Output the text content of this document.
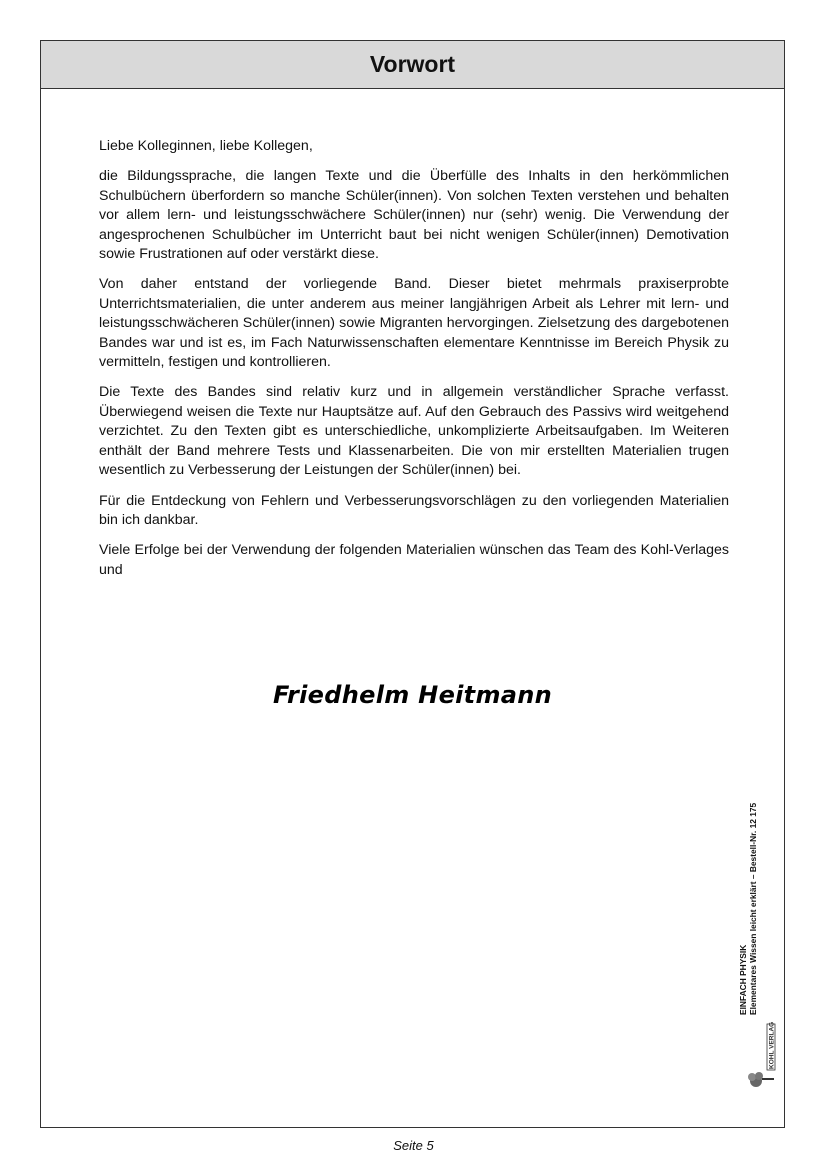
Vorwort

Liebe Kolleginnen, liebe Kollegen,

die Bildungssprache, die langen Texte und die Überfülle des Inhalts in den herkömmlichen Schulbüchern überfordern so manche Schüler(innen). Von solchen Texten verstehen und behalten vor allem lern- und leistungsschwächere Schüler(innen) nur (sehr) wenig. Die Verwendung der angesprochenen Schulbücher im Unterricht baut bei nicht wenigen Schüler(innen) Demotivation sowie Frustrationen auf oder verstärkt diese.

Von daher entstand der vorliegende Band. Dieser bietet mehrmals praxiserprobte Unterrichtsmaterialien, die unter anderem aus meiner langjährigen Arbeit als Lehrer mit lern- und leistungsschwächeren Schüler(innen) sowie Migranten hervorgingen. Zielsetzung des dargebotenen Bandes war und ist es, im Fach Naturwissenschaften elementare Kenntnisse im Bereich Physik zu vermitteln, festigen und kontrollieren.

Die Texte des Bandes sind relativ kurz und in allgemein verständlicher Sprache verfasst. Überwiegend weisen die Texte nur Hauptsätze auf. Auf den Gebrauch des Passivs wird weitgehend verzichtet. Zu den Texten gibt es unterschiedliche, unkomplizierte Arbeitsaufgaben. Im Weiteren enthält der Band mehrere Tests und Klassenarbeiten. Die von mir erstellten Materialien trugen wesentlich zu Verbesserung der Leistungen der Schüler(innen) bei.

Für die Entdeckung von Fehlern und Verbesserungsvorschlägen zu den vorliegenden Materialien bin ich dankbar.

Viele Erfolge bei der Verwendung der folgenden Materialien wünschen das Team des Kohl-Verlages und

Friedhelm Heitmann
EINFACH PHYSIK Elementares Wissen leicht erklärt – Bestell-Nr. 12 175
KOHL VERLAG
Seite 5
